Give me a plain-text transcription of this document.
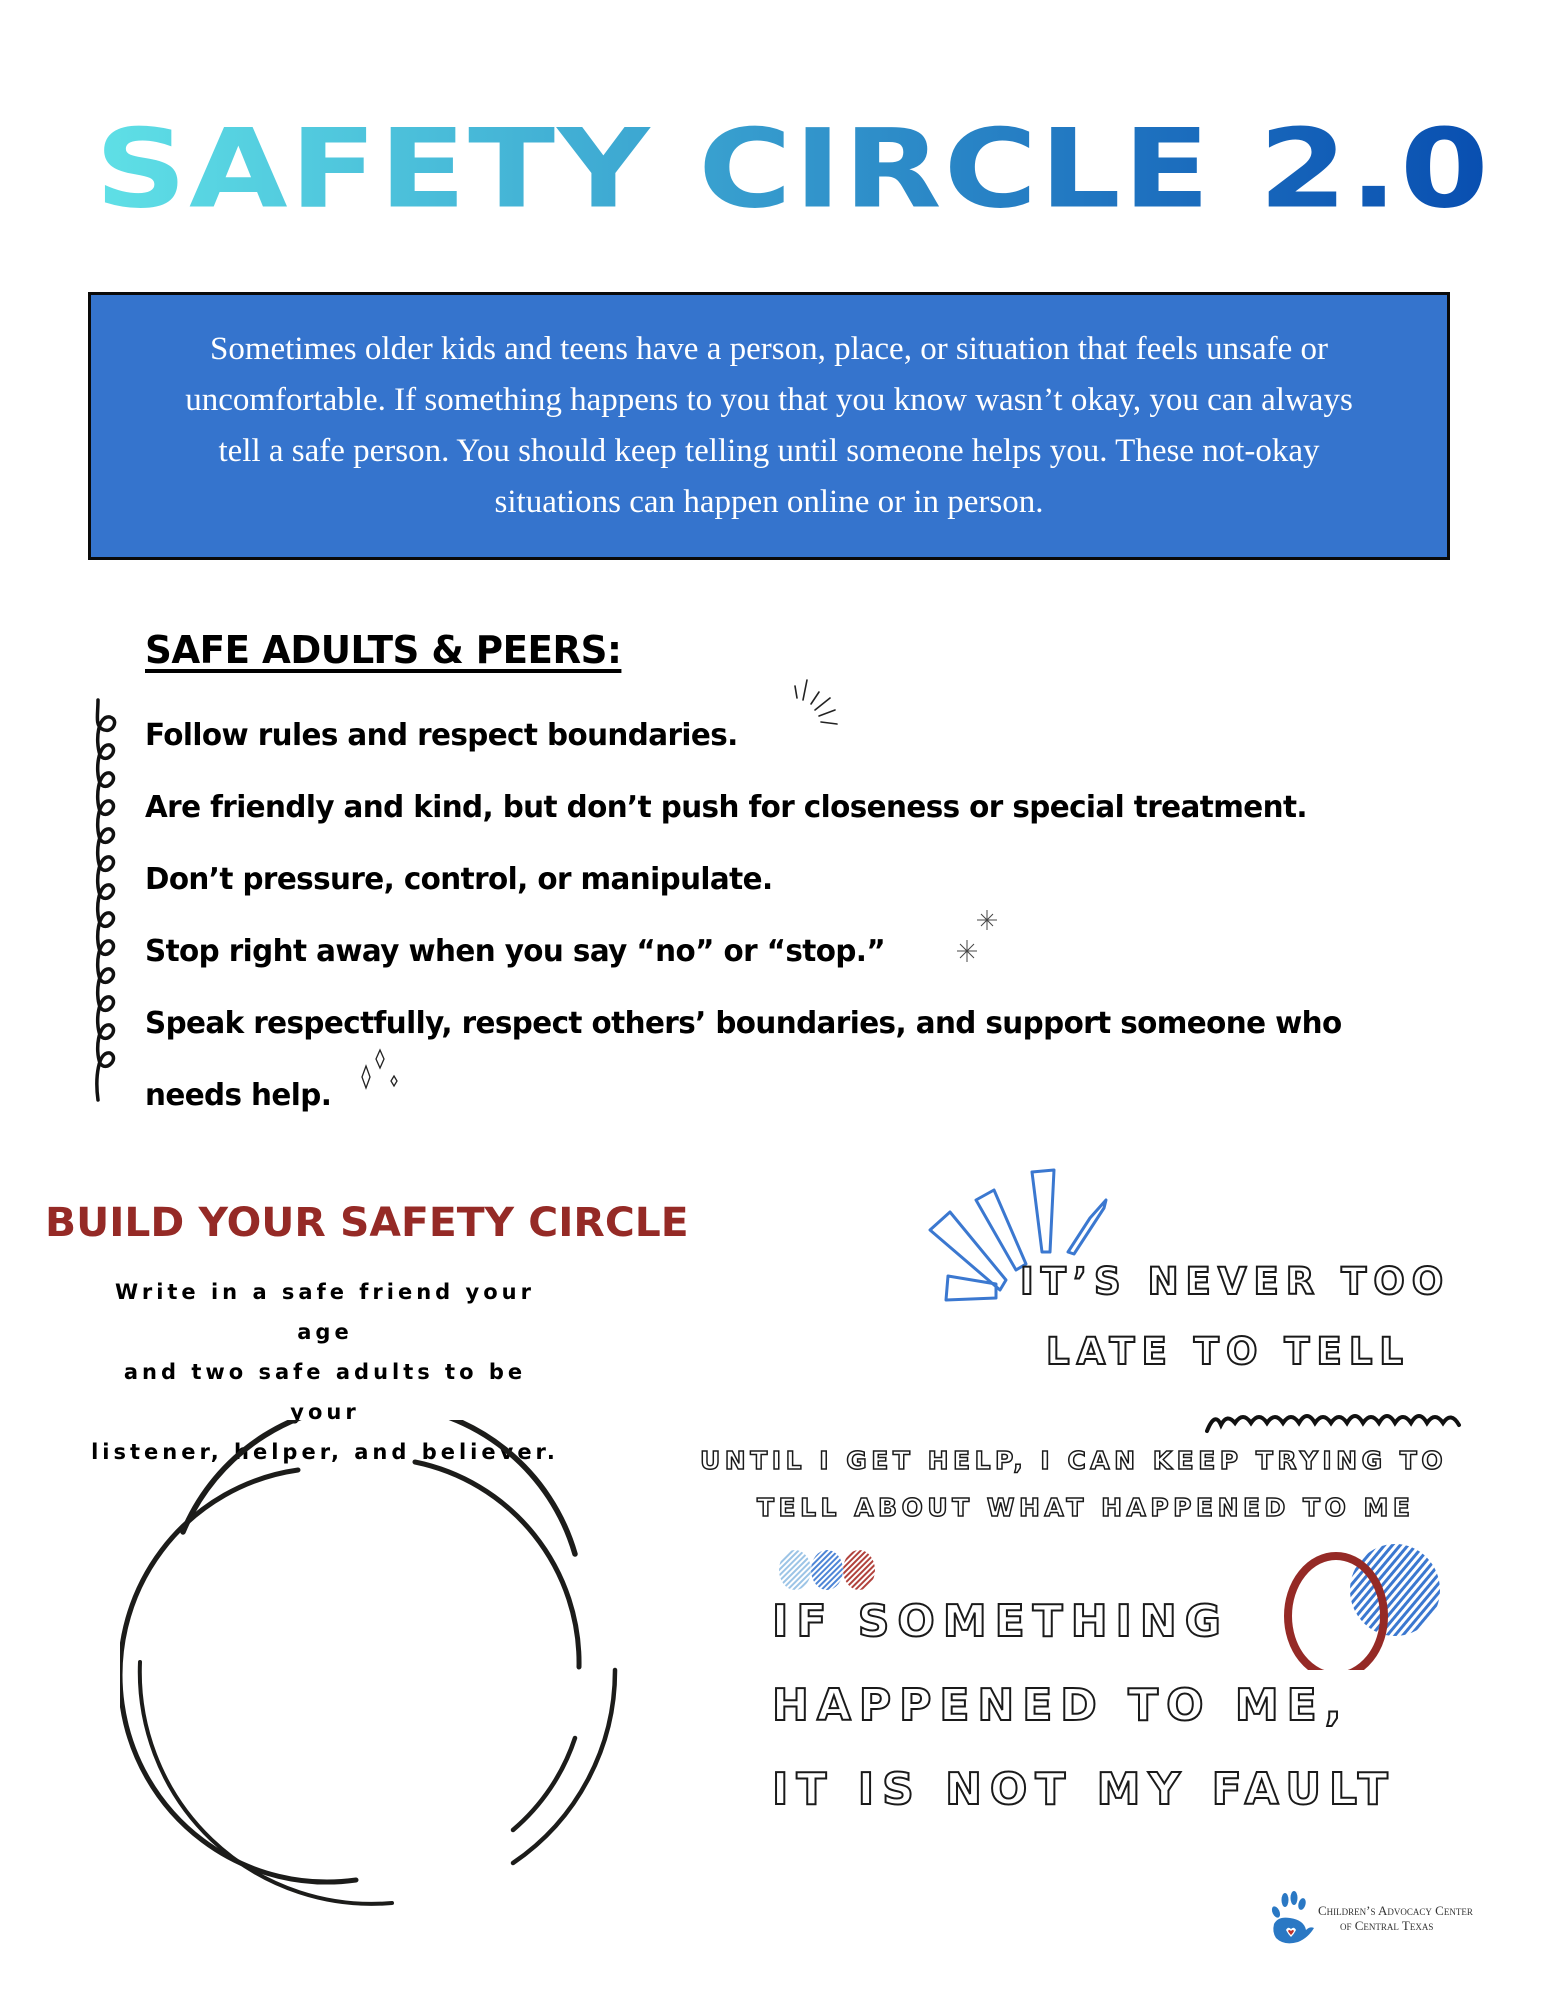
SAFETY CIRCLE 2.0
Sometimes older kids and teens have a person, place, or situation that feels unsafe or uncomfortable. If something happens to you that you know wasn’t okay, you can always tell a safe person. You should keep telling until someone helps you. These not-okay situations can happen online or in person.
SAFE ADULTS & PEERS:
Follow rules and respect boundaries.
Are friendly and kind, but don’t push for closeness or special treatment.
Don’t pressure, control, or manipulate.
Stop right away when you say “no” or “stop.”
Speak respectfully, respect others’ boundaries, and support someone who
needs help.
BUILD YOUR SAFETY CIRCLE
Write in a safe friend your age
and two safe adults to be your
listener, helper, and believer.
IT’S NEVER TOO
LATE TO TELL
UNTIL I GET HELP, I CAN KEEP TRYING TO
TELL ABOUT WHAT HAPPENED TO ME
IF SOMETHING
HAPPENED TO ME,
IT IS NOT MY FAULT
Children’s Advocacy Center
of Central Texas
